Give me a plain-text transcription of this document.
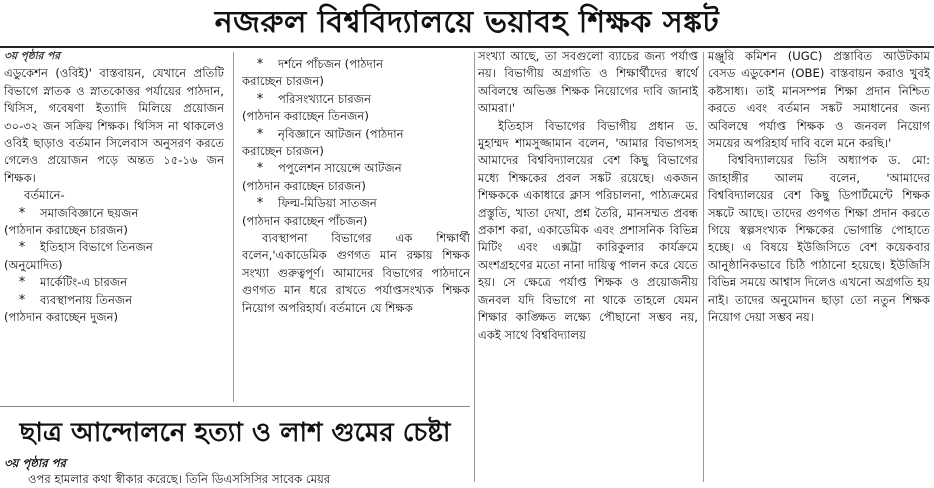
নজরুল বিশ্ববিদ্যালয়ে ভয়াবহ শিক্ষক সঙ্কট

৩য় পৃষ্ঠার পর

এডুকেশন (ওবিই)' বাস্তবায়ন, যেখানে প্রতিটি বিভাগে স্নাতক ও স্নাতকোত্তর পর্যায়ের পাঠদান, থিসিস, গবেষণা ইত্যাদি মিলিয়ে প্রয়োজন ৩০-৩২ জন সক্রিয় শিক্ষক। থিসিস না থাকলেও ওবিই ছাড়াও বর্তমান সিলেবাস অনুসরণ করতে গেলেও প্রয়োজন পড়ে অন্তত ১৫-১৬ জন শিক্ষক।

বর্তমানে-

* সমাজবিজ্ঞানে ছয়জন

(পাঠদান করাচ্ছেন চারজন)

* ইতিহাস বিভাগে তিনজন

(অনুমোদিত)

* মার্কেটিং-এ চারজন

* ব্যবস্থাপনায় তিনজন

(পাঠদান করাচ্ছেন দুজন)

* দর্শনে পাঁচজন (পাঠদান

করাচ্ছেন চারজন)

* পরিসংখ্যানে চারজন

(পাঠদান করাচ্ছেন তিনজন)

* নৃবিজ্ঞানে আটজন (পাঠদান

করাচ্ছেন চারজন)

* পপুলেশন সায়েন্সে আটজন

(পাঠদান করাচ্ছেন চারজন)

* ফিল্ম-মিডিয়া সাতজন

(পাঠদান করাচ্ছেন পাঁচজন)

ব্যবস্থাপনা বিভাগের এক শিক্ষার্থী বলেন,'একাডেমিক গুণগত মান রক্ষায় শিক্ষক সংখ্যা গুরুত্বপূর্ণ। আমাদের বিভাগের পাঠদানে গুণগত মান ধরে রাখতে পর্যাপ্তসংখ্যক শিক্ষক নিয়োগ অপরিহার্য। বর্তমানে যে শিক্ষক

সংখ্যা আছে, তা সবগুলো ব্যাচের জন্য পর্যাপ্ত নয়। বিভাগীয় অগ্রগতি ও শিক্ষার্থীদের স্বার্থে অবিলম্বে অভিজ্ঞ শিক্ষক নিয়োগের দাবি জানাই আমরা।'

ইতিহাস বিভাগের বিভাগীয় প্রধান ড. মুহাম্মদ শামসুজ্জামান বলেন, 'আমার বিভাগসহ আমাদের বিশ্ববিদ্যালয়ের বেশ কিছু বিভাগের মধ্যে শিক্ষকের প্রবল সঙ্কট রয়েছে। একজন শিক্ষককে একাধারে ক্লাস পরিচালনা, পাঠ্যক্রমের প্রস্তুতি, খাতা দেখা, প্রশ্ন তৈরি, মানসম্মত প্রবন্ধ প্রকাশ করা, একাডেমিক এবং প্রশাসনিক বিভিন্ন মিটিং এবং এক্সট্রা কারিকুলার কার্যক্রমে অংশগ্রহণের মতো নানা দায়িত্ব পালন করে যেতে হয়। সে ক্ষেত্রে পর্যাপ্ত শিক্ষক ও প্রয়োজনীয় জনবল যদি বিভাগে না থাকে তাহলে যেমন শিক্ষার কাঙ্ক্ষিত লক্ষ্যে পৌছানো সম্ভব নয়, একই সাথে বিশ্ববিদ্যালয়

মঞ্জুরি কমিশন (UGC) প্রস্তাবিত আউটকাম বেসড এডুকেশন (OBE) বাস্তবায়ন করাও খুবই কষ্টসাধ্য। তাই মানসম্পন্ন শিক্ষা প্রদান নিশ্চিত করতে এবং বর্তমান সঙ্কট সমাধানের জন্য অবিলম্বে পর্যাপ্ত শিক্ষক ও জনবল নিয়োগ সময়ের অপরিহার্য দাবি বলে মনে করছি।'

বিশ্ববিদ্যালয়ের ভিসি অধ্যাপক ড. মো: জাহাঙ্গীর আলম বলেন, 'আমাদের বিশ্ববিদ্যালয়ের বেশ কিছু ডিপার্টমেন্টে শিক্ষক সঙ্কটে আছে। তাদের গুণগত শিক্ষা প্রদান করতে গিয়ে স্বল্পসংখ্যক শিক্ষকের ভোগান্তি পোহাতে হচ্ছে। এ বিষয়ে ইউজিসিতে বেশ কয়েকবার আনুষ্ঠানিকভাবে চিঠি পাঠানো হয়েছে। ইউজিসি বিভিন্ন সময়ে আশ্বাস দিলেও এখনো অগ্রগতি হয় নাই। তাদের অনুমোদন ছাড়া তো নতুন শিক্ষক নিয়োগ দেয়া সম্ভব নয়।

ছাত্র আন্দোলনে হত্যা ও লাশ গুমের চেষ্টা
৩য় পৃষ্ঠার পর
ওপর হামলার কথা স্বীকার করেছে। তিনি ডিএসসিসির সাবেক মেয়র
